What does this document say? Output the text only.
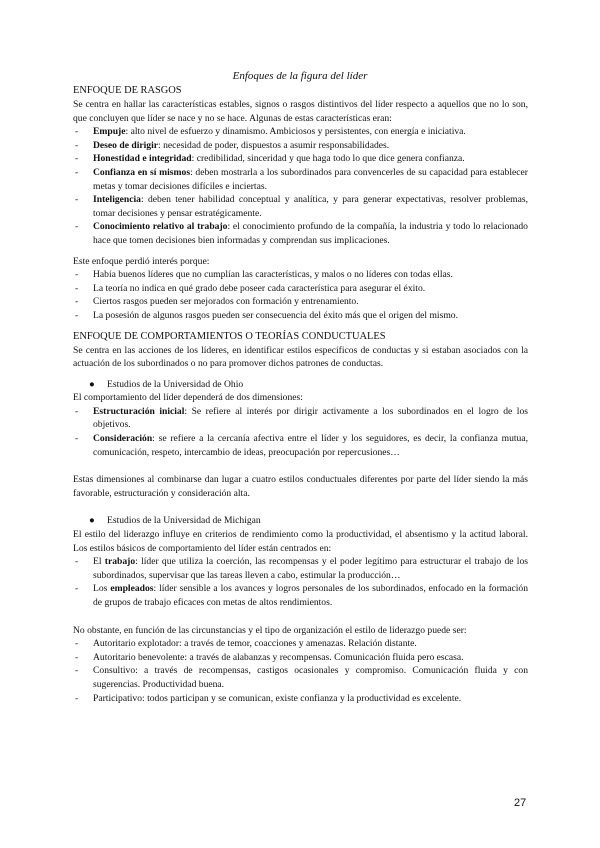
Enfoques de la figura del líder
ENFOQUE DE RASGOS

Se centra en hallar las características estables, signos o rasgos distintivos del líder respecto a aquellos que no lo son, que concluyen que líder se nace y no se hace. Algunas de estas características eran:

- Empuje: alto nivel de esfuerzo y dinamismo. Ambiciosos y persistentes, con energía e iniciativa.
- Deseo de dirigir: necesidad de poder, dispuestos a asumir responsabilidades.
- Honestidad e integridad: credibilidad, sinceridad y que haga todo lo que dice genera confianza.
- Confianza en sí mismos: deben mostrarla a los subordinados para convencerles de su capacidad para establecer metas y tomar decisiones difíciles e inciertas.
- Inteligencia: deben tener habilidad conceptual y analítica, y para generar expectativas, resolver problemas, tomar decisiones y pensar estratégicamente.
- Conocimiento relativo al trabajo: el conocimiento profundo de la compañía, la industria y todo lo relacionado hace que tomen decisiones bien informadas y comprendan sus implicaciones.

Este enfoque perdió interés porque:

- Había buenos líderes que no cumplían las características, y malos o no líderes con todas ellas.
- La teoría no indica en qué grado debe poseer cada característica para asegurar el éxito.
- Ciertos rasgos pueden ser mejorados con formación y entrenamiento.
- La posesión de algunos rasgos pueden ser consecuencia del éxito más que el origen del mismo.
ENFOQUE DE COMPORTAMIENTOS O TEORÍAS CONDUCTUALES

Se centra en las acciones de los líderes, en identificar estilos específicos de conductas y si estaban asociados con la actuación de los subordinados o no para promover dichos patrones de conductas.

● Estudios de la Universidad de Ohio

El comportamiento del líder dependerá de dos dimensiones:

- Estructuración inicial: Se refiere al interés por dirigir activamente a los subordinados en el logro de los objetivos.
- Consideración: se refiere a la cercanía afectiva entre el líder y los seguidores, es decir, la confianza mutua, comunicación, respeto, intercambio de ideas, preocupación por repercusiones…

Estas dimensiones al combinarse dan lugar a cuatro estilos conductuales diferentes por parte del líder siendo la más favorable, estructuración y consideración alta.

● Estudios de la Universidad de Michigan

El estilo del liderazgo influye en criterios de rendimiento como la productividad, el absentismo y la actitud laboral. Los estilos básicos de comportamiento del líder están centrados en:

- El trabajo: líder que utiliza la coerción, las recompensas y el poder legítimo para estructurar el trabajo de los subordinados, supervisar que las tareas lleven a cabo, estimular la producción…
- Los empleados: líder sensible a los avances y logros personales de los subordinados, enfocado en la formación de grupos de trabajo eficaces con metas de altos rendimientos.

No obstante, en función de las circunstancias y el tipo de organización el estilo de liderazgo puede ser:

- Autoritario explotador: a través de temor, coacciones y amenazas. Relación distante.
- Autoritario benevolente: a través de alabanzas y recompensas. Comunicación fluida pero escasa.
- Consultivo: a través de recompensas, castigos ocasionales y compromiso. Comunicación fluida y con sugerencias. Productividad buena.
- Participativo: todos participan y se comunican, existe confianza y la productividad es excelente.
27
